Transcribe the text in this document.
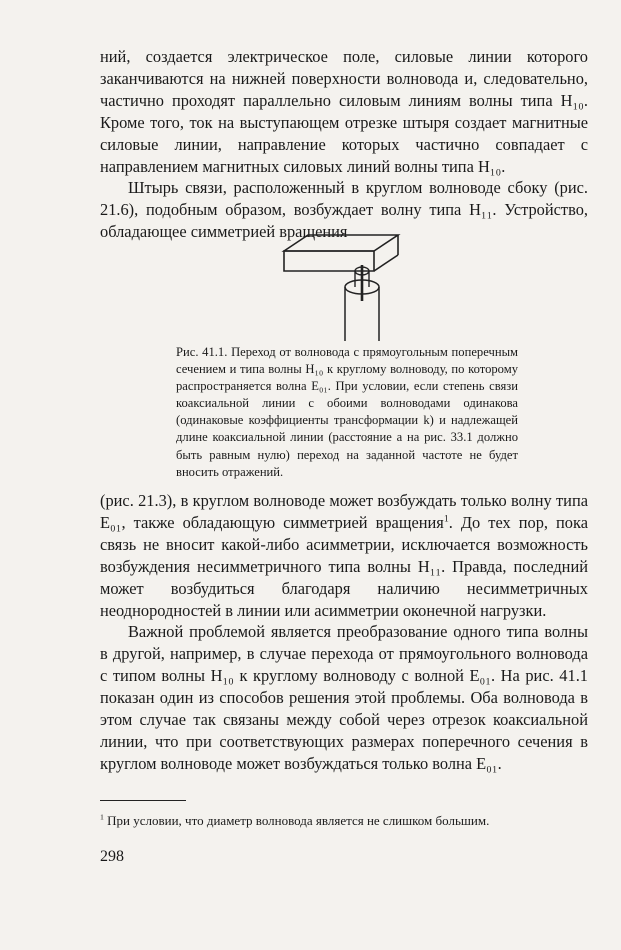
ний, создается электрическое поле, силовые линии которого заканчиваются на нижней поверхности волновода и, следовательно, частично проходят параллельно силовым линиям волны типа H₁₀. Кроме того, ток на выступающем отрезке штыря создает магнитные силовые линии, направление которых частично совпадает с направлением магнитных силовых линий волны типа H₁₀.

Штырь связи, расположенный в круглом волноводе сбоку (рис. 21.6), подобным образом, возбуждает волну типа H₁₁. Устройство, обладающее симметрией вращения

Рис. 41.1. Переход от волновода с прямоугольным поперечным сечением и типа волны H₁₀ к круглому волноводу, по которому распространяется волна E₀₁. При условии, если степень связи коаксиальной линии с обоими волноводами одинакова (одинаковые коэффициенты трансформации k) и надлежащей длине коаксиальной линии (расстояние a на рис. 33.1 должно быть равным нулю) переход на заданной частоте не будет вносить отражений.

(рис. 21.3), в круглом волноводе может возбуждать только волну типа E₀₁, также обладающую симметрией вращения$^1$. До тех пор, пока связь не вносит какой-либо асимметрии, исключается возможность возбуждения несимметричного типа волны H₁₁. Правда, последний может возбудиться благодаря наличию несимметричных неоднородностей в линии или асимметрии оконечной нагрузки.

Важной проблемой является преобразование одного типа волны в другой, например, в случае перехода от прямоугольного волновода с типом волны H₁₀ к круглому волноводу с волной E₀₁. На рис. 41.1 показан один из способов решения этой проблемы. Оба волновода в этом случае так связаны между собой через отрезок коаксиальной линии, что при соответствующих размерах поперечного сечения в круглом волноводе может возбуждаться только волна E₀₁.

$^1$ При условии, что диаметр волновода является не слишком большим.

298
